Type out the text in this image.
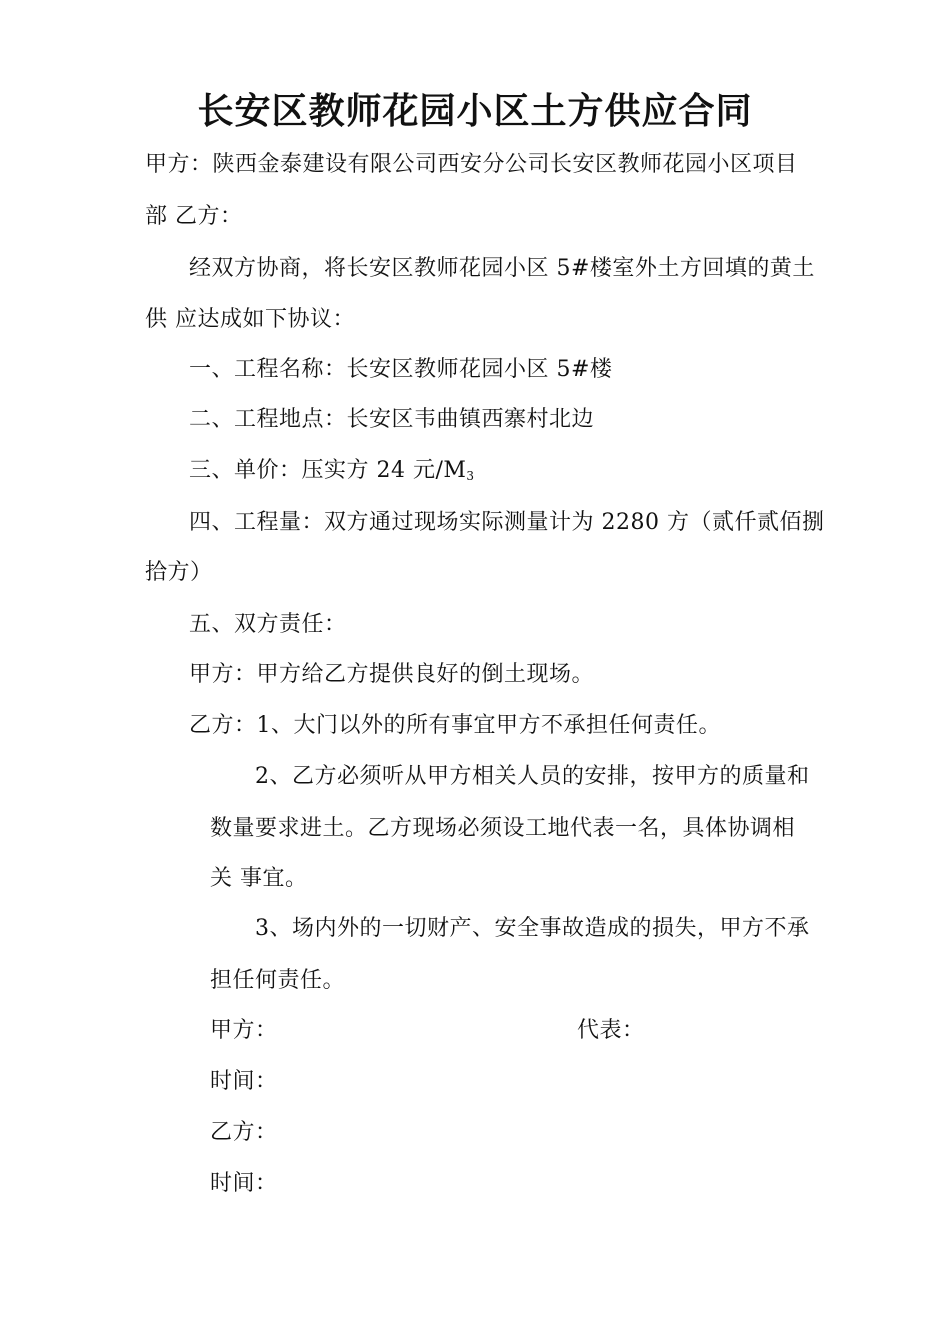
长安区教师花园小区土方供应合同
甲方：陕西金泰建设有限公司西安分公司长安区教师花园小区项目
部 乙方：
经双方协商，将长安区教师花园小区 5#楼室外土方回填的黄土
供 应达成如下协议：
一、工程名称：长安区教师花园小区 5#楼
二、工程地点：长安区韦曲镇西寨村北边
三、单价：压实方 24 元/M3
四、工程量：双方通过现场实际测量计为 2280 方（贰仟贰佰捌
拾方）
五、双方责任：
甲方：甲方给乙方提供良好的倒土现场。
乙方：1、大门以外的所有事宜甲方不承担任何责任。
2、乙方必须听从甲方相关人员的安排，按甲方的质量和
数量要求进土。乙方现场必须设工地代表一名，具体协调相
关 事宜。
3、场内外的一切财产、安全事故造成的损失，甲方不承
担任何责任。
甲方：	代表：
时间：
乙方：
时间：
